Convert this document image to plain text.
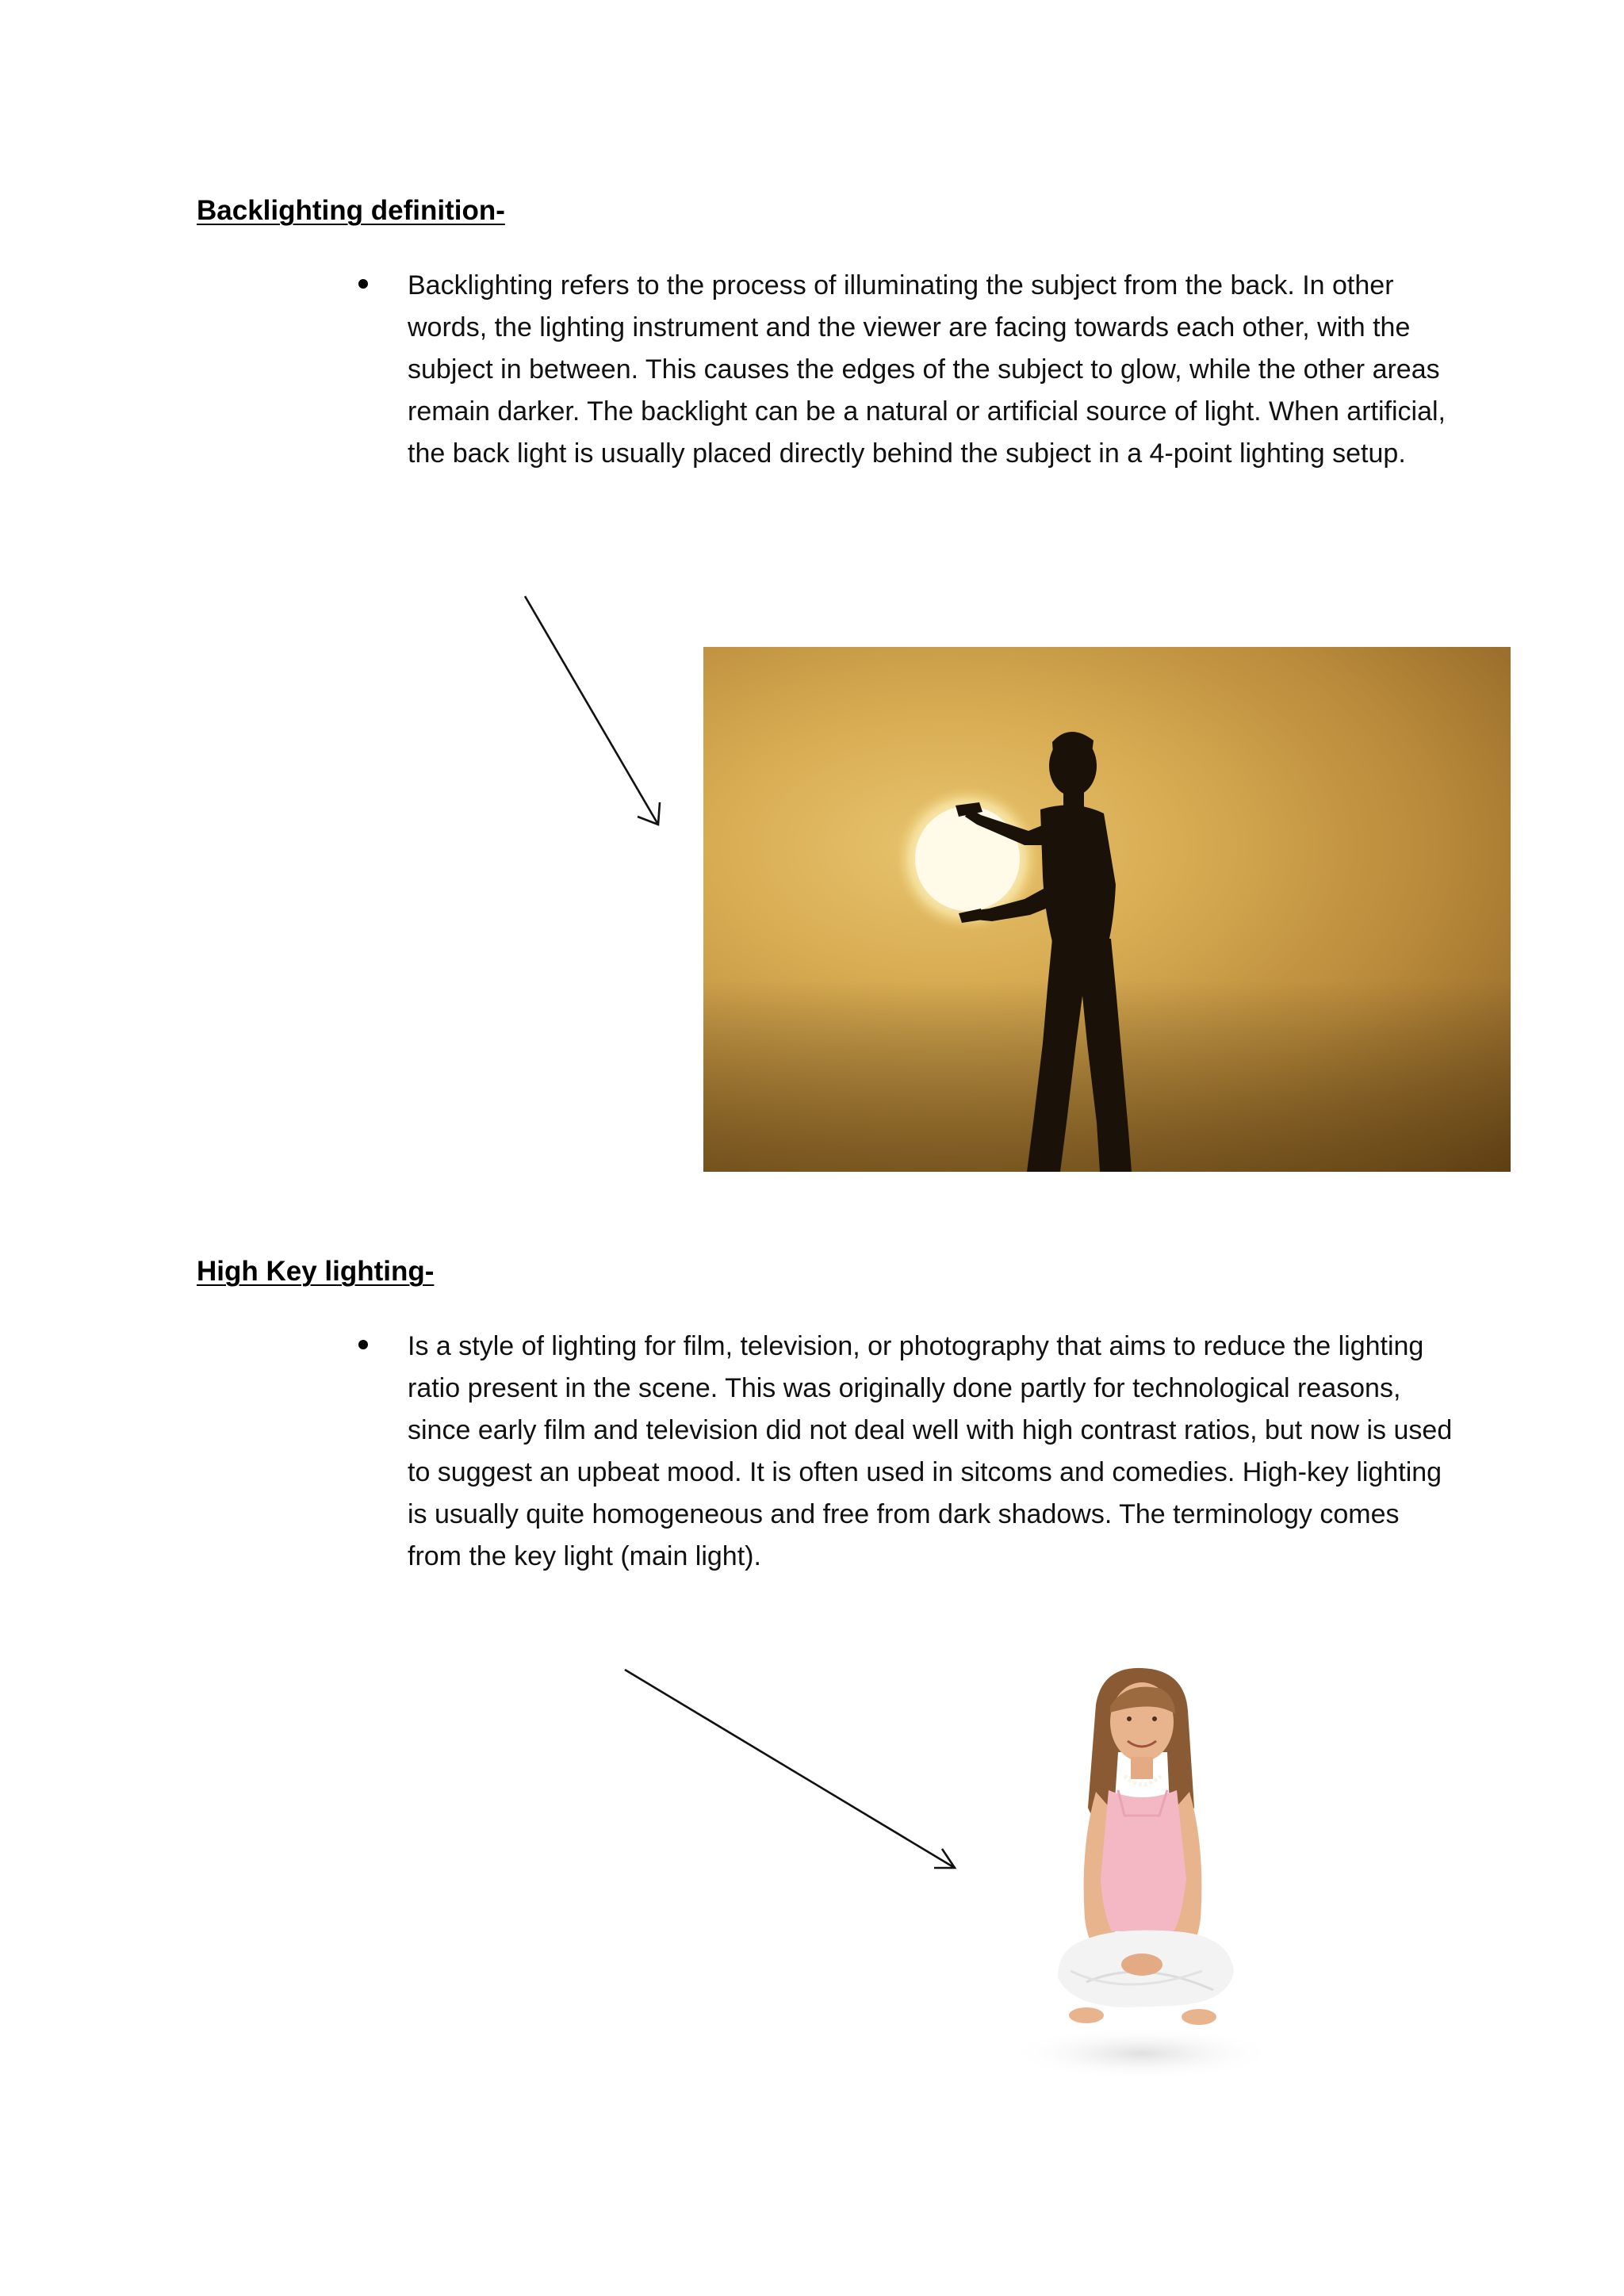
Backlighting definition-

Backlighting refers to the process of illuminating the subject from the back. In other words, the lighting instrument and the viewer are facing towards each other, with the subject in between. This causes the edges of the subject to glow, while the other areas remain darker. The backlight can be a natural or artificial source of light. When artificial, the back light is usually placed directly behind the subject in a 4-point lighting setup.

High Key lighting-

Is a style of lighting for film, television, or photography that aims to reduce the lighting ratio present in the scene. This was originally done partly for technological reasons, since early film and television did not deal well with high contrast ratios, but now is used to suggest an upbeat mood. It is often used in sitcoms and comedies. High-key lighting is usually quite homogeneous and free from dark shadows. The terminology comes from the key light (main light).
